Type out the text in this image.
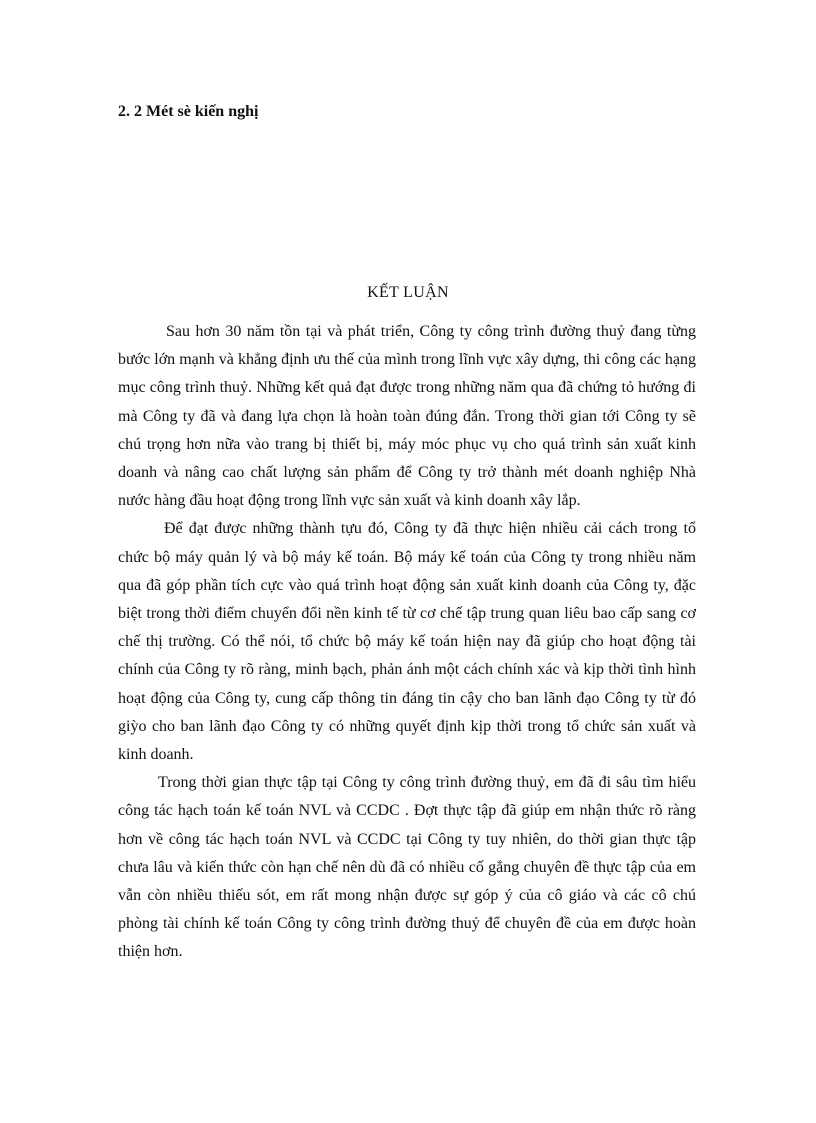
2. 2 Mét sè kiến nghị
KẾT LUẬN

Sau hơn 30 năm tồn tại và phát triển, Công ty công trình đường thuỷ đang từng bước lớn mạnh và khẳng định ưu thế của mình trong lĩnh vực xây dựng, thi công các hạng mục công trình thuỷ. Những kết quả đạt được trong những năm qua đã chứng tỏ hướng đi mà Công ty đã và đang lựa chọn là hoàn toàn đúng đắn. Trong thời gian tới Công ty sẽ chú trọng hơn nữa vào trang bị thiết bị, máy móc phục vụ cho quá trình sản xuất kinh doanh và nâng cao chất lượng sản phẩm để Công ty trở thành mét doanh nghiệp Nhà nước hàng đầu hoạt động trong lĩnh vực sản xuất và kinh doanh xây lắp.

Để đạt được những thành tựu đó, Công ty đã thực hiện nhiều cải cách trong tổ chức bộ máy quản lý và bộ máy kế toán. Bộ máy kế toán của Công ty trong nhiều năm qua đã góp phần tích cực vào quá trình hoạt động sản xuất kinh doanh của Công ty, đặc biệt trong thời điểm chuyển đổi nền kinh tế từ cơ chế tập trung quan liêu bao cấp sang cơ chế thị trường. Có thể nói, tổ chức bộ máy kế toán hiện nay đã giúp cho hoạt động tài chính của Công ty rõ ràng, minh bạch, phản ánh một cách chính xác và kịp thời tình hình hoạt động của Công ty, cung cấp thông tin đáng tin cậy cho ban lãnh đạo Công ty từ đó giỳo cho ban lãnh đạo Công ty có những quyết định kịp thời trong tổ chức sản xuất và kinh doanh.

Trong thời gian thực tập tại Công ty công trình đường thuỷ, em đã đi sâu tìm hiểu công tác hạch toán kế toán NVL và CCDC . Đợt thực tập đã giúp em nhận thức rõ ràng hơn về công tác hạch toán NVL và CCDC tại Công ty tuy nhiên, do thời gian thực tập chưa lâu và kiến thức còn hạn chế nên dù đã có nhiều cố gắng chuyên đề thực tập của em vẫn còn nhiều thiếu sót, em rất mong nhận được sự góp ý của cô giáo và các cô chú phòng tài chính kế toán Công ty công trình đường thuỷ để chuyên đề của em được hoàn thiện hơn.
